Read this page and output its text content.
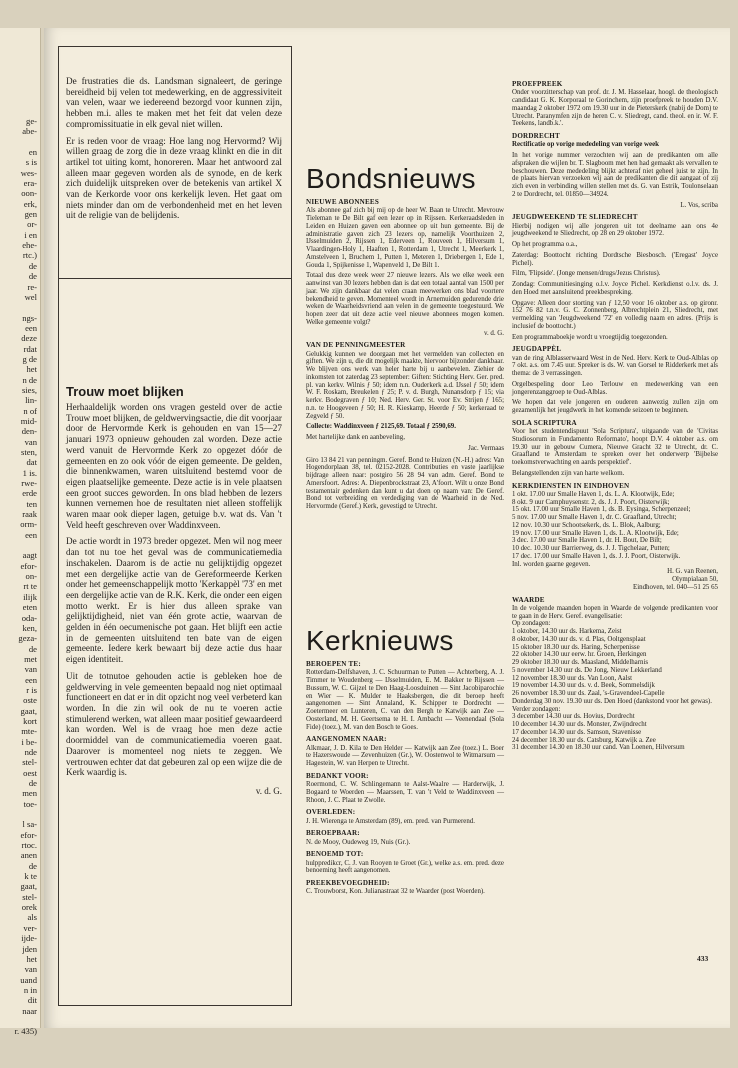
ge-
abe-

en
s is
wes-
era-
oon-
erk,
gen
or-
i en
ehe-
rtc.)
de
de
re-
wel

ngs-
een
deze
rdat
g de
het
n de
sies,
lin-
n of
mid-
den-
van
sten,
dat
1 is.
rwe-
erde
ten
raak
orm-
een

aagt
efor-
on-
rt te
ilijk
eten
oda-
ken,
geza-
de
met
van
een
r is
oste
gaat,
kort
mte-
i be-
nde
stel-
oest
de
men
toe-

l sa-
efor-
rtoc.
anen
de
k te
gaat,
stel-
orek
als
ver-
ijde-
jden
het
van
uand
n in
dit
naar

r. 435)

De frustraties die ds. Landsman signaleert, de geringe bereidheid bij velen tot medewerking, en de aggressiviteit van velen, waar we iedereend bezorgd voor kunnen zijn, hebben m.i. alles te maken met het feit dat velen deze compromissituatie in elk geval niet willen.

Er is reden voor de vraag: Hoe lang nog Hervormd? Wij willen graag de zorg die in deze vraag klinkt en die in dit artikel tot uiting komt, honoreren. Maar het antwoord zal alleen maar gegeven worden als de synode, en de kerk zich duidelijk uitspreken over de betekenis van artikel X van de Kerkorde voor ons kerkelijk leven. Het gaat om niets minder dan om de verbondenheid met en het leven uit de religie van de belijdenis.

Trouw moet blijken

Herhaaldelijk worden ons vragen gesteld over de actie Trouw moet blijken, de geldwervingsactie, die dit voorjaar door de Hervormde Kerk is gehouden en van 15—27 januari 1973 opnieuw gehouden zal worden. Deze actie werd vanuit de Hervormde Kerk zo opgezet dóór de gemeenten en zo ook vóór de eigen gemeente. De gelden, die binnenkwamen, waren uitsluitend bestemd voor de eigen plaatselijke gemeente. Deze actie is in vele plaatsen een groot succes geworden. In ons blad hebben de lezers kunnen vernemen hoe de resultaten niet alleen stoffelijk waren maar ook dieper lagen, getuige b.v. wat ds. Van 't Veld heeft geschreven over Waddinxveen.

De actie wordt in 1973 breder opgezet. Men wil nog meer dan tot nu toe het geval was de communicatiemedia inschakelen. Daarom is de actie nu gelijktijdig opgezet met een dergelijke actie van de Gereformeerde Kerken onder het gemeenschappelijk motto 'Kerkappèl '73' en met een dergelijke actie van de R.K. Kerk, die onder een eigen motto werkt. Er is hier dus alleen sprake van gelijktijdigheid, niet van één grote actie, waarvan de gelden in één oecumenische pot gaan. Het blijft een actie in de gemeenten uitsluitend ten bate van de eigen gemeente. Iedere kerk bewaart bij deze actie dus haar eigen identiteit.

Uit de totnutoe gehouden actie is gebleken hoe de geldwerving in vele gemeenten bepaald nog niet optimaal functioneert en dat er in dit opzicht nog veel verbeterd kan worden. In die zin wil ook de nu te voeren actie stimulerend werken, wat alleen maar positief gewaardeerd kan worden. Wel is de vraag hoe men deze actie doormiddel van de communicatiemedia voeren gaat. Daarover is momenteel nog niets te zeggen. We vertrouwen echter dat dat gebeuren zal op een wijze die de Kerk waardig is.

v. d. G.
Bondsnieuws
NIEUWE ABONNEES

Als abonnee gaf zich bij mij op de heer W. Baan te Utrecht. Mevrouw Tieleman te De Bilt gaf een lezer op in Rijssen. Kerkeraadsleden in Leiden en Huizen gaven een abonnee op uit hun gemeente. Bij de administratie gaven zich 23 lezers op, namelijk Voorthuizen 2, IJsselmuiden 2, Rijssen 1, Ederveen 1, Rouveen 1, Hilversum 1, Vlaardingen-Holy 1, Haaften 1, Rotterdam 1, Utrecht 1, Meerkerk 1, Amstelveen 1, Bruchem 1, Putten 1, Meteren 1, Driebergen 1, Ede 1, Gouda 1, Spijkenisse 1, Wapenveld 1, De Bilt 1.

Totaal dus deze week weer 27 nieuwe lezers. Als we elke week een aanwinst van 30 lezers hebben dan is dat een totaal aantal van 1500 per jaar. We zijn dankbaar dat velen craan meewerken ons blad voortere bekendheid te geven. Momenteel wordt in Arnemuiden gedurende drie weken de Waarheidsvriend aan velen in de gemeente toegestuurd. We hopen zeer dat uit deze actie veel nieuwe abonnees mogen komen. Welke gemeente volgt?

v. d. G.
VAN DE PENNINGMEESTER

Gelukkig kunnen we doorgaan met het vermelden van collecten en giften. We zijn u, die dit mogelijk maakte, hiervoor bijzonder dankbaar. We blijven ons werk van heler harte bij u aanbevelen. Ziehier de inkomsten tot zaterdag 23 september: Giften: Stichting Herv. Ger. pred. pl. van kerkv. Wilnis ƒ 50; idem n.n. Ouderkerk a.d. IJssel ƒ 50; idem W. F. Roskam, Breukelen ƒ 25; P. v. d. Burgh, Nunansdorp ƒ 15; via kerkv. Bodegraven ƒ 10; Ned. Herv. Ger. St. voor Ev. Strijen ƒ 165; n.n. te Hoogeveen ƒ 50; H. R. Kieskamp, Heerde ƒ 50; kerkeraad te Zegveld ƒ 50.

Collecte: Waddinxveen ƒ 2125,69. Totaal ƒ 2590,69.

Met hartelijke dank en aanbeveling,

Jac. Vermaas

Giro 13 84 21 van penningm. Geref. Bond te Huizen (N.-H.) adres: Van Hogendorplaan 38, tel. 02152-2028. Contributies en vaste jaarlijkse bijdrage alleen naar: postgiro 56 28 94 van adm. Geref. Bond te Amersfoort. Adres: A. Diepenbrockstraat 23, A'foort. Wilt u onze Bond testamentair gedenken dan kunt u dat doen op naam van: De Geref. Bond tot verbreiding en verdediging van de Waarheid in de Ned. Hervormde (Geref.) Kerk, gevestigd te Utrecht.

Kerknieuws
BEROEPEN TE:

Rotterdam-Delfshaven, J. C. Schuurman te Putten — Achterberg, A. J. Timmer te Woudenberg — IJsselmuiden, E. M. Bakker te Rijssen — Bussum, W. C. Gijzel te Den Haag-Loosduinen — Sint Jacobiparochie en Wier — K. Mulder te Haaksbergen, die dit beroep heeft aangenomen — Sint Annaland, K. Schipper te Dordrecht — Zoetermeer en Lunteren, C. van den Bergh te Katwijk aan Zee — Oosterland, M. H. Geertsema te H. I. Ambacht — Veenendaal (Sola Fide) (toez.), M. van den Bosch te Goes.

AANGENOMEN NAAR:

Alkmaar, J. D. Kila te Den Helder — Katwijk aan Zee (toez.) L. Boer te Hazerswoude — Zevenhuizen (Gr.), W. Oostenwol te Witmarsum — Hagestein, W. van Herpen te Utrecht.

BEDANKT VOOR:

Roermond, C. W. Schlingemann te Aalst-Waalre — Harderwijk, J. Bogaard te Woerden — Maarssen, T. van 't Veld te Waddinxveen — Rhoon, J. C. Plaat te Zwolle.

OVERLEDEN:

J. H. Wierenga te Amsterdam (89), em. pred. van Purmerend.

BEROEPBAAR:

N. de Mooy, Oudeweg 19, Nuis (Gr.).

BENOEMD TOT:

hulppredikcr, C. J. van Rooyen te Groet (Gr.), welke a.s. em. pred. deze benoeming heeft aangenomen.

PREEKBEVOEGDHEID:

C. Trouwborst, Kon. Julianastraat 32 te Waarder (post Woerden).

PROEFPREEK

Onder voorzitterschap van prof. dr. J. M. Hasselaar, hoogl. de theologisch candidaat G. K. Korporaal te Gorinchem, zijn proefpreek te houden D.V. maandag 2 oktober 1972 om 19.30 uur in de Pieterskerk (nabij de Dom) te Utrecht. Paranymfen zijn de heren C. v. Sliedregt, cand. theol. en ir. W. F. Teekens, landb.k.'.

DORDRECHT

Rectificatie op vorige mededeling van vorige week

In het vorige nummer verzochten wij aan de predikanten om alle afspraken die wijlen br. T. Slagboom met hen had gemaakt als vervallen te beschouwen. Deze mededeling blijkt achteraf niet geheel juist te zijn. In de plaats hiervan verzoeken wij aan de predikanten die dit aangaat of zij zich even in verbinding willen stellen met ds. G. van Estrik, Toulonselaan 2 te Dordrecht, tel. 01850—34924.

L. Vos, scriba
JEUGDWEEKEND TE SLIEDRECHT

Hierbij nodigen wij alle jongeren uit tot deelname aan ons 4e jeugdweekend te Sliedrecht, op 28 en 29 oktober 1972.

Op het programma o.a.,

Zaterdag: Boottocht richting Dordtsche Biesbosch. ('Eregast' Joyce Pichel).

Film, 'Flipside'. (Jonge mensen/drugs/Jezus Christus).

Zondag: Communitiesinging o.l.v. Joyce Pichel. Kerkdienst o.l.v. ds. J. den Hoed met aansluitend preekbespreking.

Opgave: Alleen door storting van ƒ 12,50 voor 16 oktober a.s. op gironr. 152 76 82 t.n.v. G. C. Zonnenberg, Albrechtplein 21, Sliedrecht, met vermelding van 'Jeugdweekend '72' en volledig naam en adres. (Prijs is inclusief de boottocht.)

Een programmaboekje wordt u vroegtijdig toegezonden.

JEUGDAPPÈL

van de ring Alblasserwaard West in de Ned. Herv. Kerk te Oud-Alblas op 7 okt. a.s. om 7.45 uur. Spreker is ds. W. van Gorsel te Ridderkerk met als thema: de 3 verrassingen.

Orgelbespeling door Leo Terlouw en medewerking van een jongerenzanggroep te Oud-Alblas.

We hopen dat vele jongeren en ouderen aanwezig zullen zijn om gezamenlijk het jeugdwerk in het komende seizoen te beginnen.

SOLA SCRIPTURA

Voor het studentendispuut 'Sola Scriptura', uitgaande van de 'Civitas Studiosorum in Fundamento Reformato', hoopt D.V. 4 oktober a.s. om 19.30 uur in gebouw Cumera, Nieuwe Gracht 32 te Utrecht, dr. C. Graafland te Amsterdam te spreken over het onderwerp 'Bijbelse toekomstverwachting en aards perspektief'.

Belangstellenden zijn van harte welkom.

KERKDIENSTEN IN EINDHOVEN
1 okt. 17.00 uur Smalle Haven 1, ds. L. A. Klootwijk, Ede;
8 okt. 9 uur Camphuysenstr. 2, ds. J. J. Poort, Oisterwijk;
15 okt. 17.00 uur Smalle Haven 1, ds. B. Eysinga, Scherpenzeel;
5 nov. 17.00 uur Smalle Haven 1, dr. C. Graafland, Utrecht;
12 nov. 10.30 uur Schootsekerk, ds. L. Blok, Aalburg;
19 nov. 17.00 uur Smalle Haven 1, ds. L. A. Klootwijk, Ede;
3 dec. 17.00 uur Smalle Haven 1, dr. H. Bout, De Bilt;
10 dec. 10.30 uur Barrierweg, ds. J. J. Tigchelaar, Putten;
17 dec. 17.00 uur Smalle Haven 1, ds. J. J. Poort, Oisterwijk.
Inl. worden gaarne gegeven.
H. G. van Reenen,
Olympialaan 50,
Eindhoven, tel. 040—51 25 65
WAARDE
In de volgende maanden hopen in Waarde de volgende predikanten voor te gaan in de Herv. Geref. evangelisatie:
Op zondagen:
1 oktober, 14.30 uur ds. Harkema, Zeist
8 oktober, 14.30 uur ds. v. d. Plas, Ooltgensplaat
15 oktober 18.30 uur ds. Haring, Scherpenisse
22 oktober 14.30 uur eerw. hr. Groen, Herkingen
29 oktober 18.30 uur ds. Maasland, Middelharnis
5 november 14.30 uur ds. De Jong, Nieuw Lekkerland
12 november 18.30 uur ds. Van Loon, Aalst
19 november 14.30 uur ds. v. d. Beek, Sommelsdijk
26 november 18.30 uur ds. Zaal, 's-Gravendeel-Capelle
Donderdag 30 nov. 19.30 uur ds. Den Hoed (dankstond voor het gewas).
Verder zondagen:
3 december 14.30 uur ds. Hovius, Dordrecht
10 december 14.30 uur ds. Monster, Zwijndrecht
17 december 14.30 uur ds. Samson, Stavenisse
24 december 18.30 uur ds. Catsburg, Katwijk a. Zee
31 december 14.30 en 18.30 uur cand. Van Loenen, Hilversum
433
